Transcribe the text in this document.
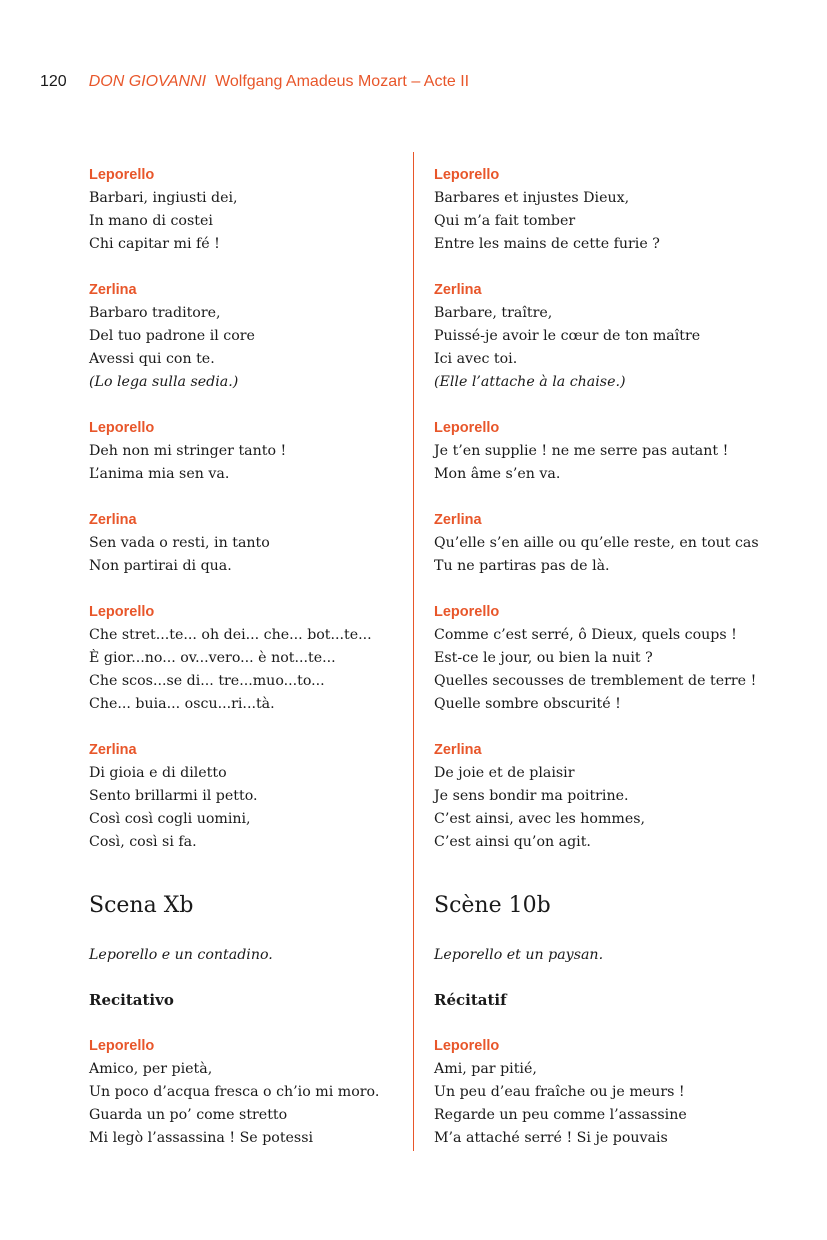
120 DON GIOVANNI Wolfgang Amadeus Mozart – Acte II
Leporello
Barbari, ingiusti dei,
In mano di costei
Chi capitar mi fé !
Zerlina
Barbaro traditore,
Del tuo padrone il core
Avessi qui con te.
(Lo lega sulla sedia.)
Leporello
Deh non mi stringer tanto !
L’anima mia sen va.
Zerlina
Sen vada o resti, in tanto
Non partirai di qua.
Leporello
Che stret...te... oh dei... che... bot...te...
È gior...no... ov...vero... è not...te...
Che scos...se di... tre...muo...to...
Che... buia... oscu...ri...tà.
Zerlina
Di gioia e di diletto
Sento brillarmi il petto.
Così così cogli uomini,
Così, così si fa.
Scena Xb
Leporello e un contadino.
Recitativo
Leporello
Amico, per pietà,
Un poco d’acqua fresca o ch’io mi moro.
Guarda un po’ come stretto
Mi legò l’assassina ! Se potessi
Leporello
Barbares et injustes Dieux,
Qui m’a fait tomber
Entre les mains de cette furie ?
Zerlina
Barbare, traître,
Puissé-je avoir le cœur de ton maître
Ici avec toi.
(Elle l’attache à la chaise.)
Leporello
Je t’en supplie ! ne me serre pas autant !
Mon âme s’en va.
Zerlina
Qu’elle s’en aille ou qu’elle reste, en tout cas
Tu ne partiras pas de là.
Leporello
Comme c’est serré, ô Dieux, quels coups !
Est-ce le jour, ou bien la nuit ?
Quelles secousses de tremblement de terre !
Quelle sombre obscurité !
Zerlina
De joie et de plaisir
Je sens bondir ma poitrine.
C’est ainsi, avec les hommes,
C’est ainsi qu’on agit.
Scène 10b
Leporello et un paysan.
Récitatif
Leporello
Ami, par pitié,
Un peu d’eau fraîche ou je meurs !
Regarde un peu comme l’assassine
M’a attaché serré ! Si je pouvais
